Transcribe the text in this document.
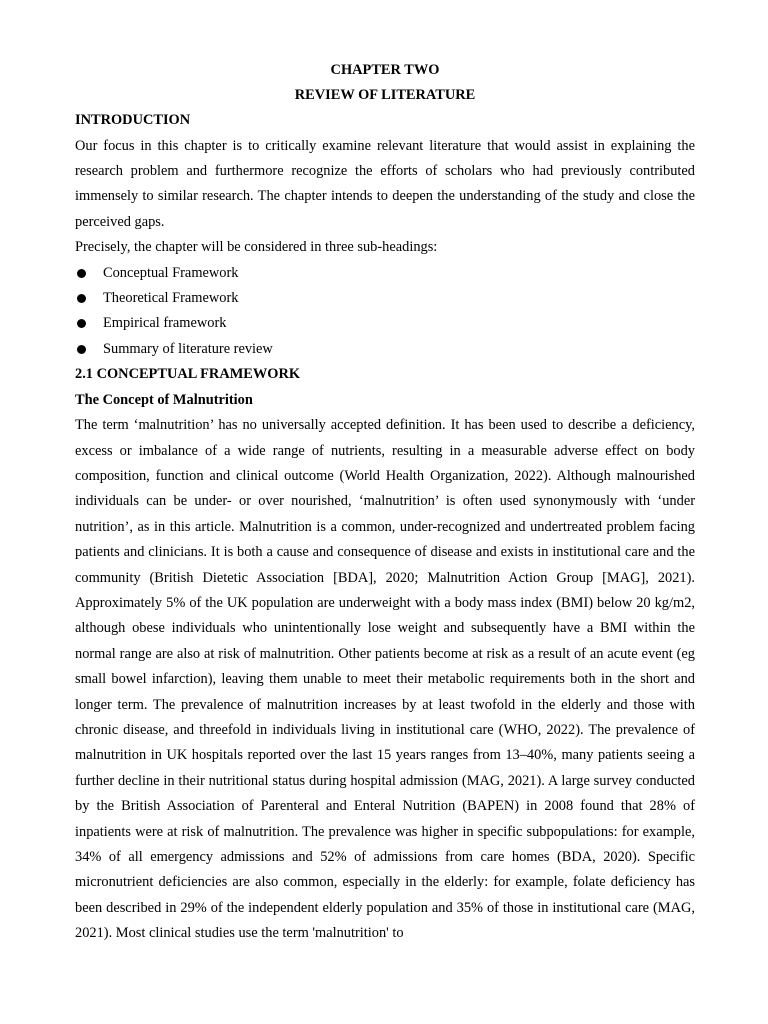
CHAPTER TWO

REVIEW OF LITERATURE

INTRODUCTION

Our focus in this chapter is to critically examine relevant literature that would assist in explaining the research problem and furthermore recognize the efforts of scholars who had previously contributed immensely to similar research. The chapter intends to deepen the understanding of the study and close the perceived gaps.

Precisely, the chapter will be considered in three sub-headings:

Conceptual Framework
Theoretical Framework
Empirical framework
Summary of literature review

2.1 CONCEPTUAL FRAMEWORK

The Concept of Malnutrition

The term ‘malnutrition’ has no universally accepted definition. It has been used to describe a deficiency, excess or imbalance of a wide range of nutrients, resulting in a measurable adverse effect on body composition, function and clinical outcome (World Health Organization, 2022). Although malnourished individuals can be under- or over nourished, ‘malnutrition’ is often used synonymously with ‘under nutrition’, as in this article. Malnutrition is a common, under-recognized and undertreated problem facing patients and clinicians. It is both a cause and consequence of disease and exists in institutional care and the community (British Dietetic Association [BDA], 2020; Malnutrition Action Group [MAG], 2021). Approximately 5% of the UK population are underweight with a body mass index (BMI) below 20 kg/m2, although obese individuals who unintentionally lose weight and subsequently have a BMI within the normal range are also at risk of malnutrition. Other patients become at risk as a result of an acute event (eg small bowel infarction), leaving them unable to meet their metabolic requirements both in the short and longer term. The prevalence of malnutrition increases by at least twofold in the elderly and those with chronic disease, and threefold in individuals living in institutional care (WHO, 2022). The prevalence of malnutrition in UK hospitals reported over the last 15 years ranges from 13–40%, many patients seeing a further decline in their nutritional status during hospital admission (MAG, 2021). A large survey conducted by the British Association of Parenteral and Enteral Nutrition (BAPEN) in 2008 found that 28% of inpatients were at risk of malnutrition. The prevalence was higher in specific subpopulations: for example, 34% of all emergency admissions and 52% of admissions from care homes (BDA, 2020). Specific micronutrient deficiencies are also common, especially in the elderly: for example, folate deficiency has been described in 29% of the independent elderly population and 35% of those in institutional care (MAG, 2021). Most clinical studies use the term 'malnutrition' to
